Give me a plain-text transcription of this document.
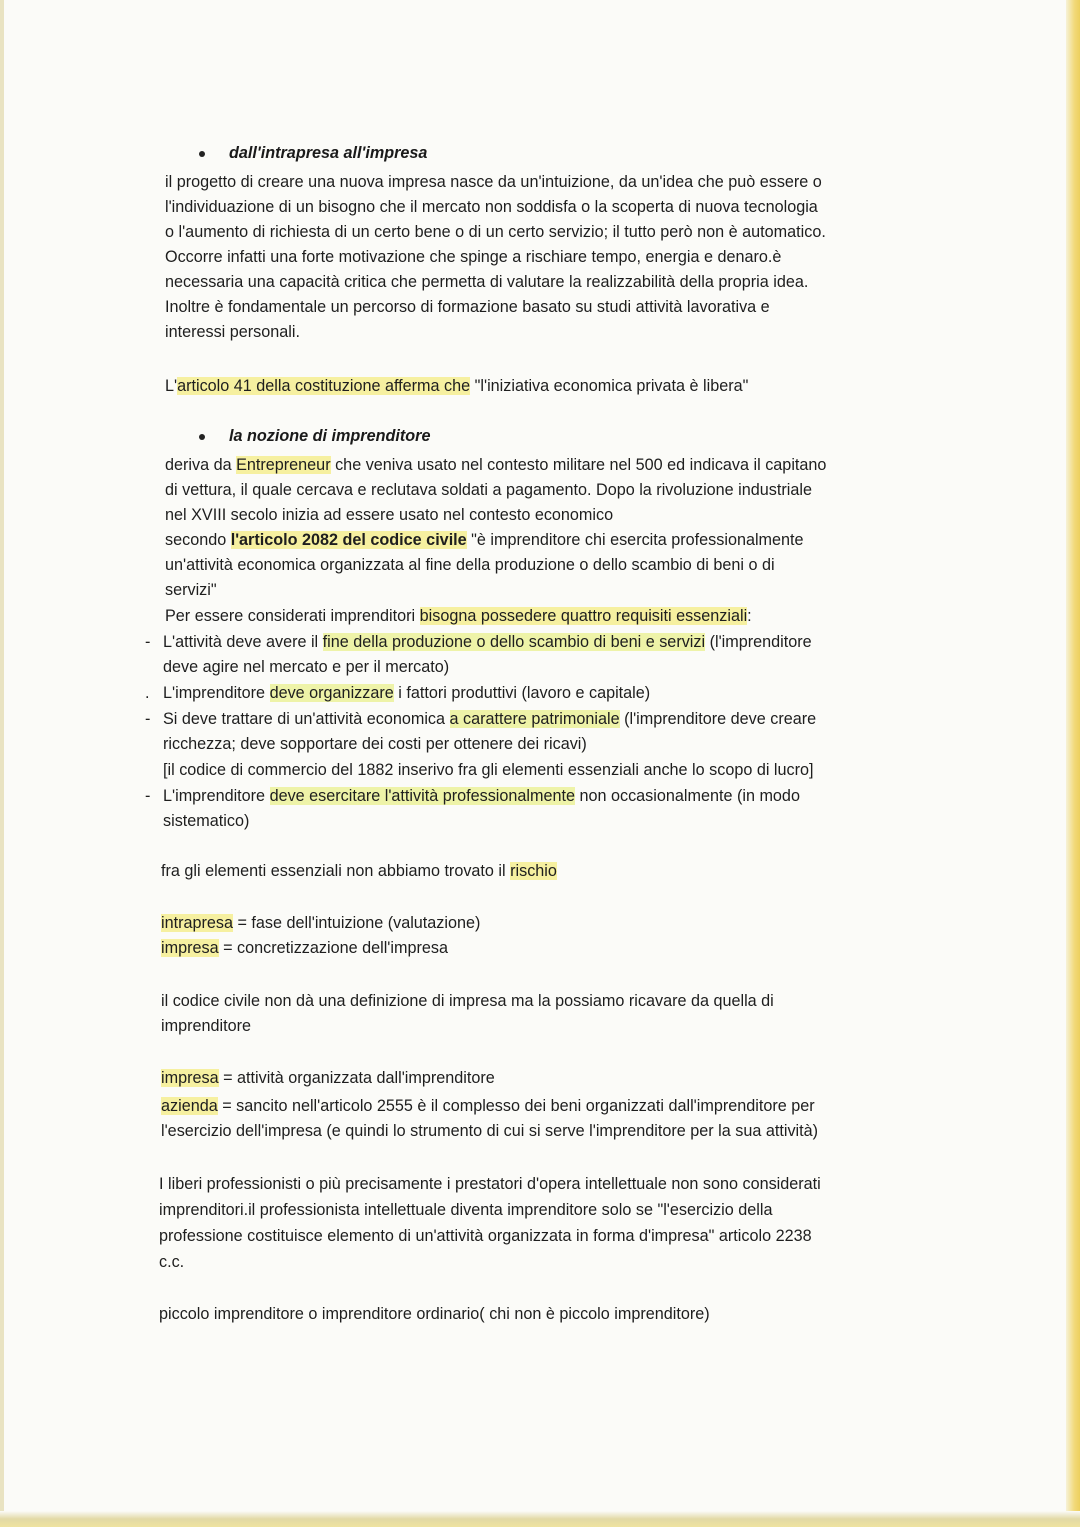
dall'intrapresa all'impresa
il progetto di creare una nuova impresa nasce da un'intuizione, da un'idea che può essere o
l'individuazione di un bisogno che il mercato non soddisfa o la scoperta di nuova tecnologia
o l'aumento di richiesta di un certo bene o di un certo servizio; il tutto però non è automatico.
Occorre infatti una forte motivazione che spinge a rischiare tempo, energia e denaro.è
necessaria una capacità critica che permetta di valutare la realizzabilità della propria idea.
Inoltre è fondamentale un percorso di formazione basato su studi attività lavorativa e
interessi personali.
L'articolo 41 della costituzione afferma che "l'iniziativa economica privata è libera"
la nozione di imprenditore
deriva da Entrepreneur che veniva usato nel contesto militare nel 500 ed indicava il capitano
di vettura, il quale cercava e reclutava soldati a pagamento. Dopo la rivoluzione industriale
nel XVIII secolo inizia ad essere usato nel contesto economico
secondo l'articolo 2082 del codice civile "è imprenditore chi esercita professionalmente
un'attività economica organizzata al fine della produzione o dello scambio di beni o di
servizi"
Per essere considerati imprenditori bisogna possedere quattro requisiti essenziali:
- L'attività deve avere il fine della produzione o dello scambio di beni e servizi (l'imprenditore
deve agire nel mercato e per il mercato)
. L'imprenditore deve organizzare i fattori produttivi (lavoro e capitale)
- Si deve trattare di un'attività economica a carattere patrimoniale (l'imprenditore deve creare
ricchezza; deve sopportare dei costi per ottenere dei ricavi)
[il codice di commercio del 1882 inserivo fra gli elementi essenziali anche lo scopo di lucro]
- L'imprenditore deve esercitare l'attività professionalmente non occasionalmente (in modo
sistematico)
fra gli elementi essenziali non abbiamo trovato il rischio
intrapresa = fase dell'intuizione (valutazione)
impresa = concretizzazione dell'impresa
il codice civile non dà una definizione di impresa ma la possiamo ricavare da quella di
imprenditore
impresa = attività organizzata dall'imprenditore
azienda = sancito nell'articolo 2555 è il complesso dei beni organizzati dall'imprenditore per
l'esercizio dell'impresa (e quindi lo strumento di cui si serve l'imprenditore per la sua attività)
I liberi professionisti o più precisamente i prestatori d'opera intellettuale non sono considerati
imprenditori.il professionista intellettuale diventa imprenditore solo se "l'esercizio della
professione costituisce elemento di un'attività organizzata in forma d'impresa" articolo 2238
c.c.
piccolo imprenditore o imprenditore ordinario( chi non è piccolo imprenditore)
